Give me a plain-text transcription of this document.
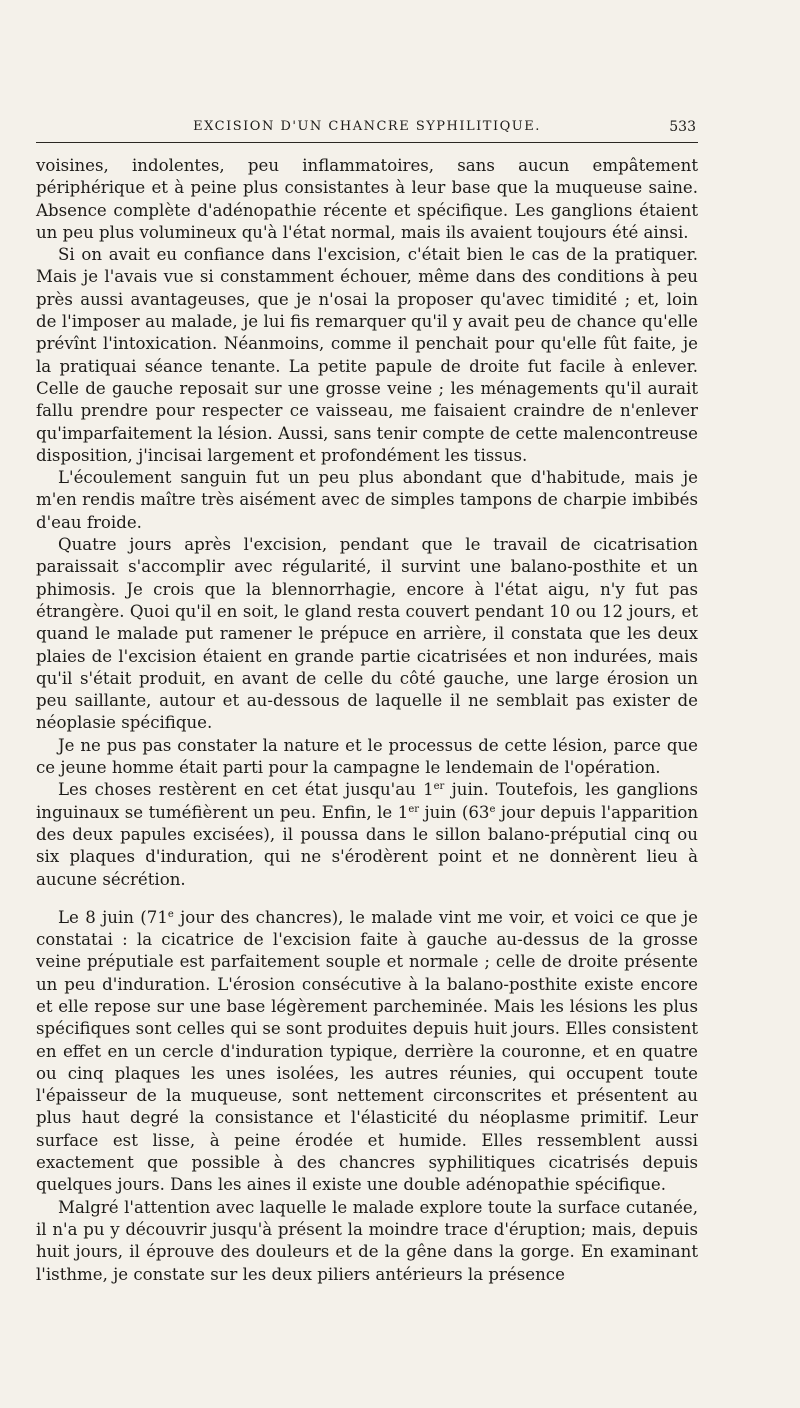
EXCISION D'UN CHANCRE SYPHILITIQUE.	533

voisines, indolentes, peu inflammatoires, sans aucun empâtement périphérique et à peine plus consistantes à leur base que la muqueuse saine. Absence complète d'adénopathie récente et spécifique. Les ganglions étaient un peu plus volumineux qu'à l'état normal, mais ils avaient toujours été ainsi.

Si on avait eu confiance dans l'excision, c'était bien le cas de la pratiquer. Mais je l'avais vue si constamment échouer, même dans des conditions à peu près aussi avantageuses, que je n'osai la proposer qu'avec timidité ; et, loin de l'imposer au malade, je lui fis remarquer qu'il y avait peu de chance qu'elle prévînt l'intoxication. Néanmoins, comme il penchait pour qu'elle fût faite, je la pratiquai séance tenante. La petite papule de droite fut facile à enlever. Celle de gauche reposait sur une grosse veine ; les ménagements qu'il aurait fallu prendre pour respecter ce vaisseau, me faisaient craindre de n'enlever qu'imparfaitement la lésion. Aussi, sans tenir compte de cette malencontreuse disposition, j'incisai largement et profondément les tissus.

L'écoulement sanguin fut un peu plus abondant que d'habitude, mais je m'en rendis maître très aisément avec de simples tampons de charpie imbibés d'eau froide.

Quatre jours après l'excision, pendant que le travail de cicatrisation paraissait s'accomplir avec régularité, il survint une balano-posthite et un phimosis. Je crois que la blennorrhagie, encore à l'état aigu, n'y fut pas étrangère. Quoi qu'il en soit, le gland resta couvert pendant 10 ou 12 jours, et quand le malade put ramener le prépuce en arrière, il constata que les deux plaies de l'excision étaient en grande partie cicatrisées et non indurées, mais qu'il s'était produit, en avant de celle du côté gauche, une large érosion un peu saillante, autour et au-dessous de laquelle il ne semblait pas exister de néoplasie spécifique.

Je ne pus pas constater la nature et le processus de cette lésion, parce que ce jeune homme était parti pour la campagne le lendemain de l'opération.

Les choses restèrent en cet état jusqu'au 1er juin. Toutefois, les ganglions inguinaux se tuméfièrent un peu. Enfin, le 1er juin (63e jour depuis l'apparition des deux papules excisées), il poussa dans le sillon balano-préputial cinq ou six plaques d'induration, qui ne s'érodèrent point et ne donnèrent lieu à aucune sécrétion.

Le 8 juin (71e jour des chancres), le malade vint me voir, et voici ce que je constatai : la cicatrice de l'excision faite à gauche au-dessus de la grosse veine préputiale est parfaitement souple et normale ; celle de droite présente un peu d'induration. L'érosion consécutive à la balano-posthite existe encore et elle repose sur une base légèrement parcheminée. Mais les lésions les plus spécifiques sont celles qui se sont produites depuis huit jours. Elles consistent en effet en un cercle d'induration typique, derrière la couronne, et en quatre ou cinq plaques les unes isolées, les autres réunies, qui occupent toute l'épaisseur de la muqueuse, sont nettement circonscrites et présentent au plus haut degré la consistance et l'élasticité du néoplasme primitif. Leur surface est lisse, à peine érodée et humide. Elles ressemblent aussi exactement que possible à des chancres syphilitiques cicatrisés depuis quelques jours. Dans les aines il existe une double adénopathie spécifique.

Malgré l'attention avec laquelle le malade explore toute la surface cutanée, il n'a pu y découvrir jusqu'à présent la moindre trace d'éruption; mais, depuis huit jours, il éprouve des douleurs et de la gêne dans la gorge. En examinant l'isthme, je constate sur les deux piliers antérieurs la présence
